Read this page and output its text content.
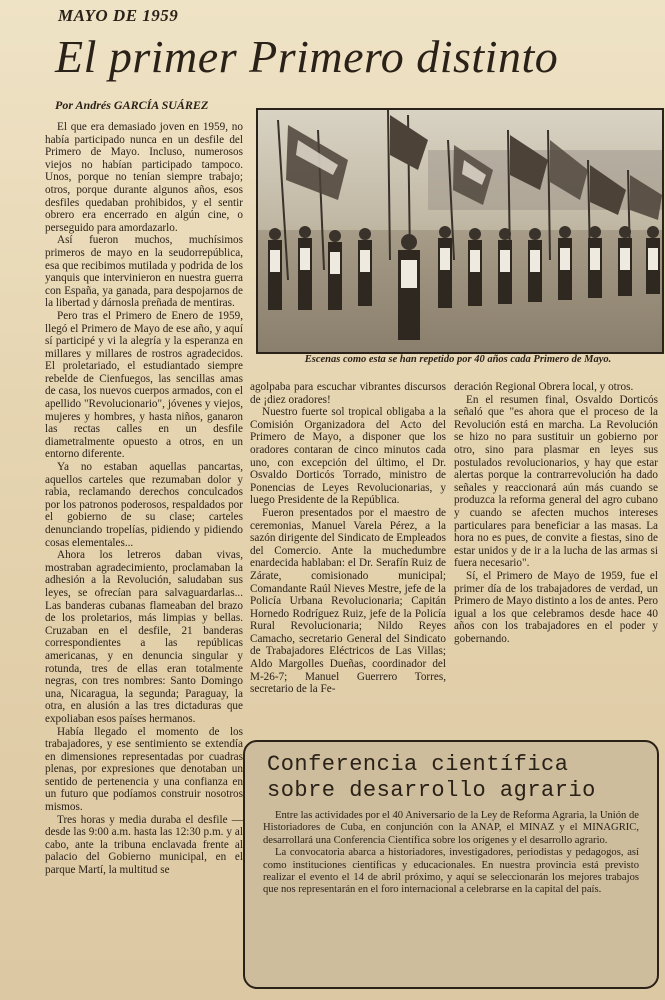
MAYO DE 1959
El primer Primero distinto
Por Andrés GARCÍA SUÁREZ

El que era demasiado joven en 1959, no había participado nunca en un desfile del Primero de Mayo. Incluso, numerosos viejos no habían participado tampoco. Unos, porque no tenían siempre trabajo; otros, porque durante algunos años, esos desfiles quedaban prohibidos, y el sentir obrero era encerrado en algún cine, o perseguido para amordazarlo.

Así fueron muchos, muchísimos primeros de mayo en la seudorrepública, esa que recibimos mutilada y podrida de los yanquis que intervinieron en nuestra guerra con España, ya ganada, para despojarnos de la libertad y dárnosla preñada de mentiras.

Pero tras el Primero de Enero de 1959, llegó el Primero de Mayo de ese año, y aquí sí participé y vi la alegría y la esperanza en millares y millares de rostros agradecidos. El proletariado, el estudiantado siempre rebelde de Cienfuegos, las sencillas amas de casa, los nuevos cuerpos armados, con el apellido "Revolucionario", jóvenes y viejos, mujeres y hombres, y hasta niños, ganaron las rectas calles en un desfile diametralmente opuesto a otros, en un entorno diferente.

Ya no estaban aquellas pancartas, aquellos carteles que rezumaban dolor y rabia, reclamando derechos conculcados por los patronos poderosos, respaldados por el gobierno de su clase; carteles denunciando tropelías, pidiendo y pidiendo cosas elementales...

Ahora los letreros daban vivas, mostraban agradecimiento, proclamaban la adhesión a la Revolución, saludaban sus leyes, se ofrecían para salvaguardarlas... Las banderas cubanas flameaban del brazo de los proletarios, más limpias y bellas. Cruzaban en el desfile, 21 banderas correspondientes a las repúblicas americanas, y en denuncia singular y rotunda, tres de ellas eran totalmente negras, con tres nombres: Santo Domingo una, Nicaragua, la segunda; Paraguay, la otra, en alusión a las tres dictaduras que expoliaban esos países hermanos.

Había llegado el momento de los trabajadores, y ese sentimiento se extendía en dimensiones representadas por cuadras plenas, por expresiones que denotaban un sentido de pertenencia y una confianza en un futuro que podíamos construir nosotros mismos.

Tres horas y media duraba el desfile —desde las 9:00 a.m. hasta las 12:30 p.m. y al cabo, ante la tribuna enclavada frente al palacio del Gobierno municipal, en el parque Martí, la multitud se

Escenas como esta se han repetido por 40 años cada Primero de Mayo.

agolpaba para escuchar vibrantes discursos de ¡diez oradores!

Nuestro fuerte sol tropical obligaba a la Comisión Organizadora del Acto del Primero de Mayo, a disponer que los oradores contaran de cinco minutos cada uno, con excepción del último, el Dr. Osvaldo Dorticós Torrado, ministro de Ponencias de Leyes Revolucionarias, y luego Presidente de la República.

Fueron presentados por el maestro de ceremonias, Manuel Varela Pérez, a la sazón dirigente del Sindicato de Empleados del Comercio. Ante la muchedumbre enardecida hablaban: el Dr. Serafín Ruiz de Zárate, comisionado municipal; Comandante Raúl Nieves Mestre, jefe de la Policía Urbana Revolucionaria; Capitán Hornedo Rodríguez Ruiz, jefe de la Policía Rural Revolucionaria; Nildo Reyes Camacho, secretario General del Sindicato de Trabajadores Eléctricos de Las Villas; Aldo Margolles Dueñas, coordinador del M-26-7; Manuel Guerrero Torres, secretario de la Fe-

deración Regional Obrera local, y otros.

En el resumen final, Osvaldo Dorticós señaló que "es ahora que el proceso de la Revolución está en marcha. La Revolución se hizo no para sustituir un gobierno por otro, sino para plasmar en leyes sus postulados revolucionarios, y hay que estar alertas porque la contrarrevolución ha dado señales y reaccionará aún más cuando se produzca la reforma general del agro cubano y cuando se afecten muchos intereses particulares para beneficiar a las masas. La hora no es pues, de convite a fiestas, sino de estar unidos y de ir a la lucha de las armas si fuera necesario".

Sí, el Primero de Mayo de 1959, fue el primer día de los trabajadores de verdad, un Primero de Mayo distinto a los de antes. Pero igual a los que celebramos desde hace 40 años con los trabajadores en el poder y gobernando.

Conferencia científica
sobre desarrollo agrario

Entre las actividades por el 40 Aniversario de la Ley de Reforma Agraria, la Unión de Historiadores de Cuba, en conjunción con la ANAP, el MINAZ y el MINAGRIC, desarrollará una Conferencia Científica sobre los orígenes y el desarrollo agrario.

La convocatoria abarca a historiadores, investigadores, periodistas y pedagogos, así como instituciones científicas y educacionales. En nuestra provincia está previsto realizar el evento el 14 de abril próximo, y aquí se seleccionarán los mejores trabajos que nos representarán en el foro internacional a celebrarse en la capital del país.
